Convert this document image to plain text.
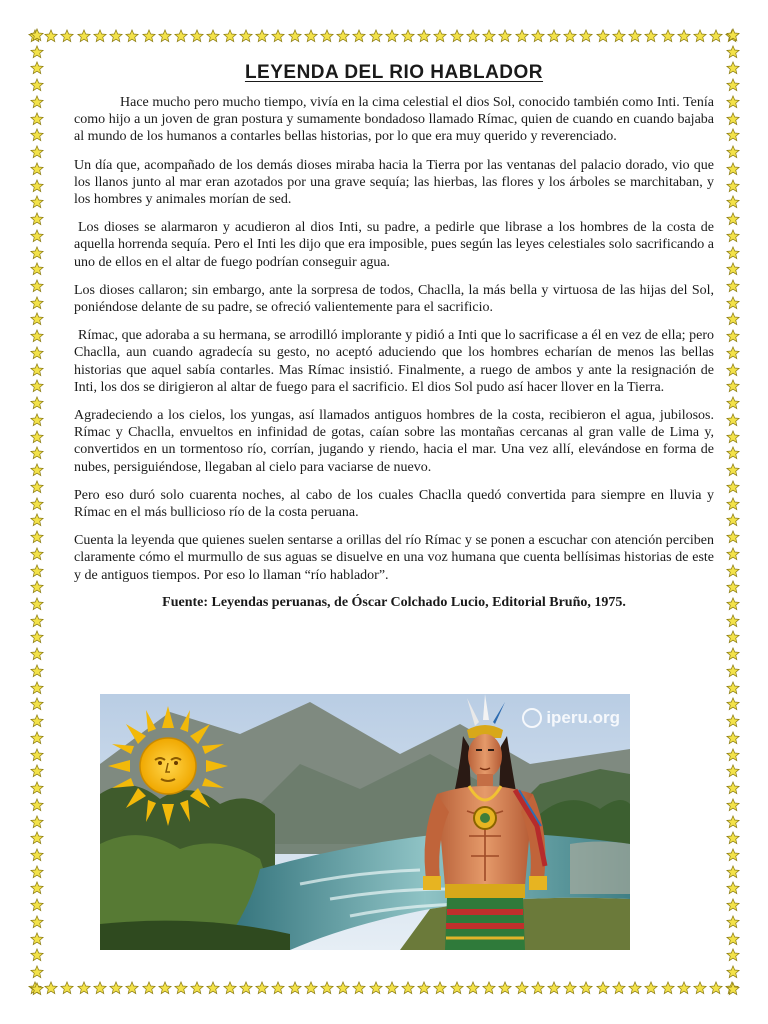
LEYENDA DEL RIO HABLADOR

Hace mucho pero mucho tiempo, vivía en la cima celestial el dios Sol, conocido también como Inti. Tenía como hijo a un joven de gran postura y sumamente bondadoso llamado Rímac, quien de cuando en cuando bajaba al mundo de los humanos a contarles bellas historias, por lo que era muy querido y reverenciado.

Un día que, acompañado de los demás dioses miraba hacia la Tierra por las ventanas del palacio dorado, vio que los llanos junto al mar eran azotados por una grave sequía; las hierbas, las flores y los árboles se marchitaban, y los hombres y animales morían de sed.

Los dioses se alarmaron y acudieron al dios Inti, su padre, a pedirle que librase a los hombres de la costa de aquella horrenda sequía. Pero el Inti les dijo que era imposible, pues según las leyes celestiales solo sacrificando a uno de ellos en el altar de fuego podrían conseguir agua.

Los dioses callaron; sin embargo, ante la sorpresa de todos, Chaclla, la más bella y virtuosa de las hijas del Sol, poniéndose delante de su padre, se ofreció valientemente para el sacrificio.

Rímac, que adoraba a su hermana, se arrodilló implorante y pidió a Inti que lo sacrificase a él en vez de ella; pero Chaclla, aun cuando agradecía su gesto, no aceptó aduciendo que los hombres echarían de menos las bellas historias que aquel sabía contarles. Mas Rímac insistió. Finalmente, a ruego de ambos y ante la resignación de Inti, los dos se dirigieron al altar de fuego para el sacrificio. El dios Sol pudo así hacer llover en la Tierra.

Agradeciendo a los cielos, los yungas, así llamados antiguos hombres de la costa, recibieron el agua, jubilosos. Rímac y Chaclla, envueltos en infinidad de gotas, caían sobre las montañas cercanas al gran valle de Lima y, convertidos en un tormentoso río, corrían, jugando y riendo, hacia el mar. Una vez allí, elevándose en forma de nubes, persiguiéndose, llegaban al cielo para vaciarse de nuevo.

Pero eso duró solo cuarenta noches, al cabo de los cuales Chaclla quedó convertida para siempre en lluvia y Rímac en el más bullicioso río de la costa peruana.

Cuenta la leyenda que quienes suelen sentarse a orillas del río Rímac y se ponen a escuchar con atención perciben claramente cómo el murmullo de sus aguas se disuelve en una voz humana que cuenta bellísimas historias de este y de antiguos tiempos. Por eso lo llaman “río hablador”.

Fuente: Leyendas peruanas, de Óscar Colchado Lucio, Editorial Bruño, 1975.

iperu.org
